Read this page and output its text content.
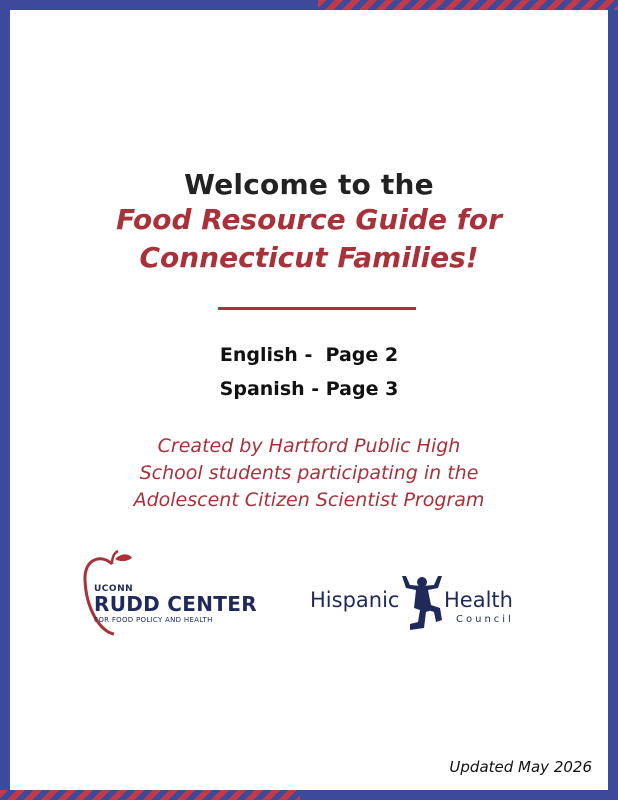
Welcome to the
Food Resource Guide for
Connecticut Families!
English -  Page 2
Spanish - Page 3
Created by Hartford Public High
School students participating in the
Adolescent Citizen Scientist Program
UCONN
RUDD CENTER
FOR FOOD POLICY AND HEALTH
Hispanic Health
Council
Updated May 2026
